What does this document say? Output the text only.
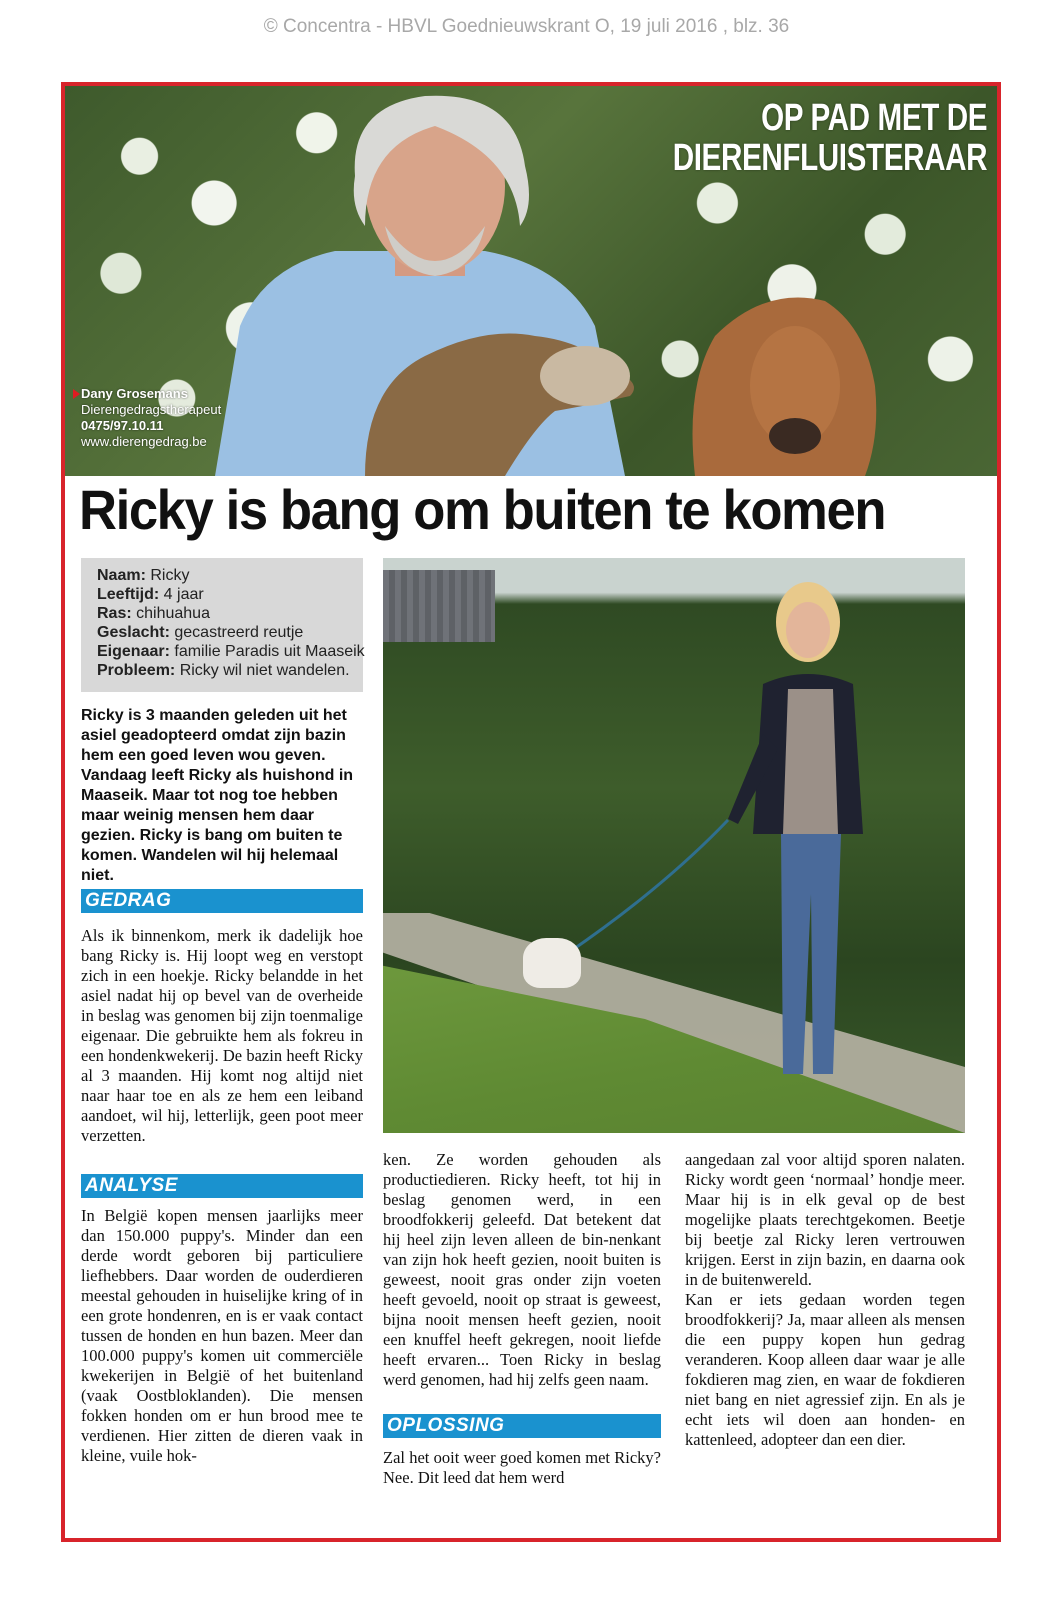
© Concentra - HBVL Goednieuwskrant O, 19 juli 2016 , blz. 36
OP PAD MET DE
DIERENFLUISTERAAR
Dany Grosemans
Dierengedragstherapeut
0475/97.10.11
www.dierengedrag.be
Ricky is bang om buiten te komen
Naam: Ricky
Leeftijd: 4 jaar
Ras: chihuahua
Geslacht: gecastreerd reutje
Eigenaar: familie Paradis uit Maaseik
Probleem: Ricky wil niet wandelen.
Ricky is 3 maanden geleden uit het asiel geadopteerd omdat zijn bazin hem een goed leven wou geven. Vandaag leeft Ricky als huishond in Maaseik. Maar tot nog toe hebben maar weinig mensen hem daar gezien. Ricky is bang om buiten te komen. Wandelen wil hij helemaal niet.
GEDRAG
Als ik binnenkom, merk ik dadelijk hoe bang Ricky is. Hij loopt weg en verstopt zich in een hoekje. Ricky belandde in het asiel nadat hij op bevel van de overheide in beslag was genomen bij zijn toenmalige eigenaar. Die gebruikte hem als fokreu in een hondenkwekerij. De bazin heeft Ricky al 3 maanden. Hij komt nog altijd niet naar haar toe en als ze hem een leiband aandoet, wil hij, letterlijk, geen poot meer verzetten.
ANALYSE
In België kopen mensen jaarlijks meer dan 150.000 puppy's. Minder dan een derde wordt geboren bij particuliere liefhebbers. Daar worden de ouderdieren meestal gehouden in huiselijke kring of in een grote hondenren, en is er vaak contact tussen de honden en hun bazen. Meer dan 100.000 puppy's komen uit commerciële kwekerijen in België of het buitenland (vaak Oostbloklanden). Die mensen fokken honden om er hun brood mee te verdienen. Hier zitten de dieren vaak in kleine, vuile hok-
ken. Ze worden gehouden als productiedieren. Ricky heeft, tot hij in beslag genomen werd, in een broodfokkerij geleefd. Dat betekent dat hij heel zijn leven alleen de bin-nenkant van zijn hok heeft gezien, nooit buiten is geweest, nooit gras onder zijn voeten heeft gevoeld, nooit op straat is geweest, bijna nooit mensen heeft gezien, nooit een knuffel heeft gekregen, nooit liefde heeft ervaren... Toen Ricky in beslag werd genomen, had hij zelfs geen naam.
OPLOSSING
Zal het ooit weer goed komen met Ricky? Nee. Dit leed dat hem werd
aangedaan zal voor altijd sporen nalaten. Ricky wordt geen ‘normaal’ hondje meer. Maar hij is in elk geval op de best mogelijke plaats terechtgekomen. Beetje bij beetje zal Ricky leren vertrouwen krijgen. Eerst in zijn bazin, en daarna ook in de buitenwereld.
Kan er iets gedaan worden tegen broodfokkerij? Ja, maar alleen als mensen die een puppy kopen hun gedrag veranderen. Koop alleen daar waar je alle fokdieren mag zien, en waar de fokdieren niet bang en niet agressief zijn. En als je echt iets wil doen aan honden- en kattenleed, adopteer dan een dier.
